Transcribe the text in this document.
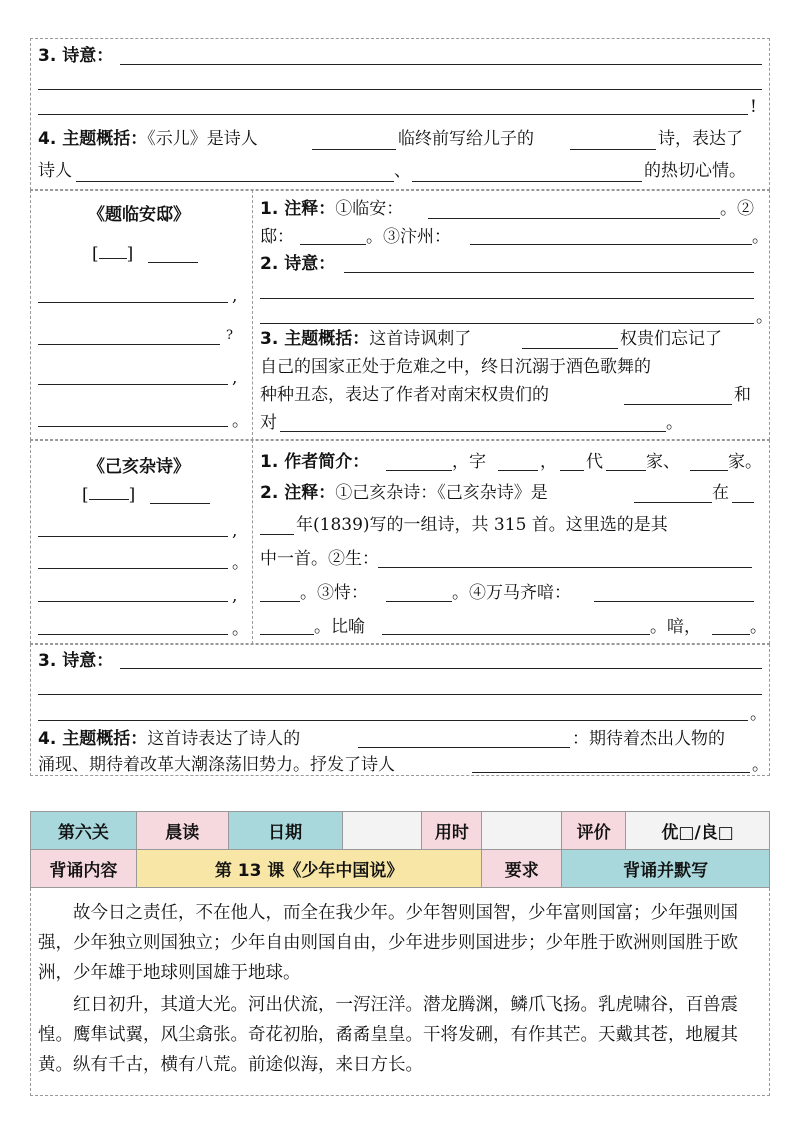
3. 诗意：
!
4. 主题概括：《示儿》是诗人	临终前写给儿子的	诗，表达了
诗人	、	的热切心情。
《题临安邸》
[ ]
,
?
,
。
1. 注释：①临安：	。②
邸：	。③汴州：	。
2. 诗意：
。
3. 主题概括：这首诗讽刺了	权贵们忘记了
自己的国家正处于危难之中，终日沉溺于酒色歌舞的
种种丑态，表达了作者对南宋权贵们的	和
对	。
《己亥杂诗》
[ ]
,
。
,
。
1. 作者简介：	，字	， 代	家、	家。
2. 注释：①己亥杂诗：《己亥杂诗》是	在
年(1839)写的一组诗，共 315 首。这里选的是其
中一首。②生：
。③恃：	。④万马齐喑：
。比喻	。喑，	。
3. 诗意：
。
4. 主题概括：这首诗表达了诗人的	：期待着杰出人物的
涌现、期待着改革大潮涤荡旧势力。抒发了诗人	。
第六关	晨读	日期		用时		评价	优□/良□
背诵内容	第 13 课《少年中国说》				要求	背诵并默写	
故今日之责任，不在他人，而全在我少年。少年智则国智，少年富则国富；少年强则国强，少年独立则国独立；少年自由则国自由，少年进步则国进步；少年胜于欧洲则国胜于欧洲，少年雄于地球则国雄于地球。
红日初升，其道大光。河出伏流，一泻汪洋。潜龙腾渊，鳞爪飞扬。乳虎啸谷，百兽震惶。鹰隼试翼，风尘翕张。奇花初胎，矞矞皇皇。干将发硎，有作其芒。天戴其苍，地履其黄。纵有千古，横有八荒。前途似海，来日方长。
